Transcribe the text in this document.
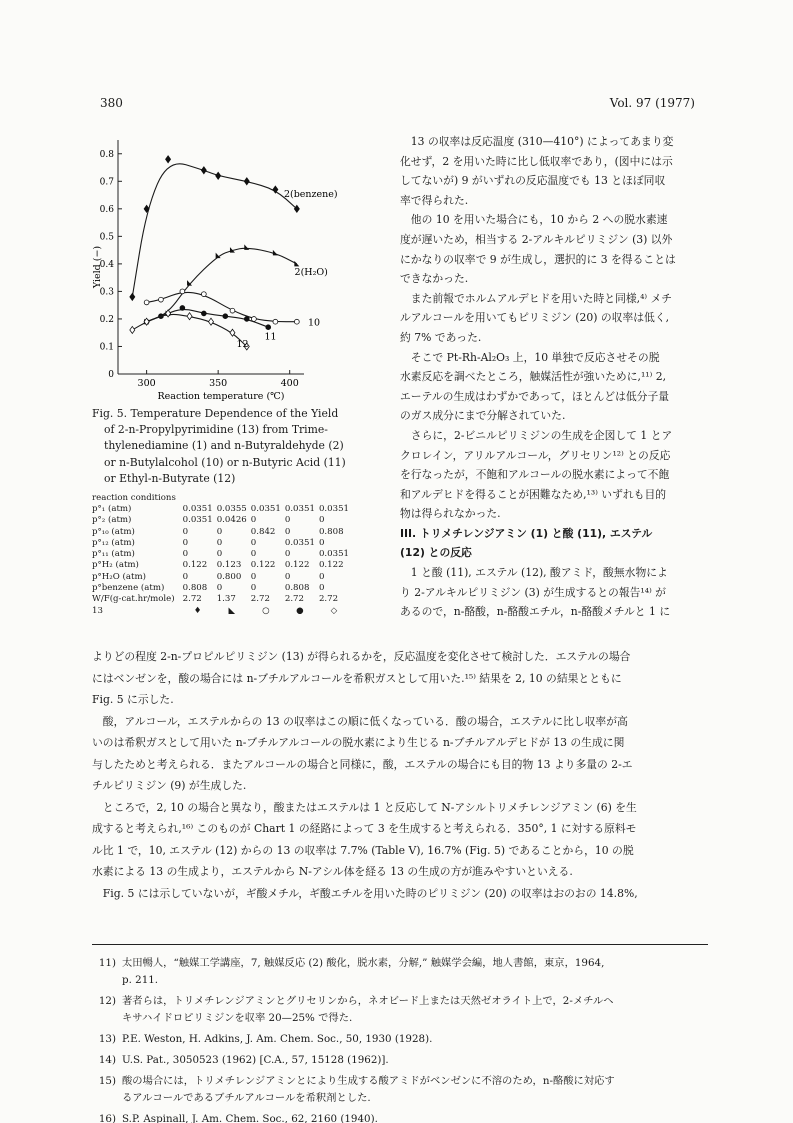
380	Vol. 97 (1977)
0
0.1
0.2
0.3
0.4
0.5
0.6
0.7
0.8
300	350	400
Reaction temperature (℃)
Yield (−)
2(benzene)
2(H₂O)
10
11
12

Fig. 5. Temperature Dependence of the Yield

of 2-n-Propylpyrimidine (13) from Trime-

thylenediamine (1) and n-Butyraldehyde (2)

or n-Butylalcohol (10) or n-Butyric Acid (11)

or Ethyl-n-Butyrate (12)

reaction conditions
p°₁ (atm)	0.0351	0.0355	0.0351	0.0351	0.0351
p°₂ (atm)	0.0351	0.0426	0	0	0
p°₁₀ (atm)	0	0	0.842	0	0.808
p°₁₂ (atm)	0	0	0	0.0351	0
p°₁₁ (atm)	0	0	0	0	0.0351
p°H₂ (atm)	0.122	0.123	0.122	0.122	0.122
p°H₂O (atm)	0	0.800	0	0	0
p°benzene (atm)	0.808	0	0	0.808	0
W/F(g-cat.hr/mole)	2.72	1.37	2.72	2.72	2.72
13	♦	◣	○	●	◇

13 の収率は反応温度 (310—410°) によってあまり変

化せず，2 を用いた時に比し低収率であり，(図中には示

してないが) 9 がいずれの反応温度でも 13 とほぼ同収

率で得られた.

他の 10 を用いた場合にも，10 から 2 への脱水素速

度が遅いため，相当する 2-アルキルピリミジン (3) 以外

にかなりの収率で 9 が生成し，選択的に 3 を得ることは

できなかった.

また前報でホルムアルデヒドを用いた時と同様,⁴⁾ メチ

ルアルコールを用いてもピリミジン (20) の収率は低く,

約 7% であった.

そこで Pt-Rh-Al₂O₃ 上，10 単独で反応させその脱

水素反応を調べたところ，触媒活性が強いために,¹¹⁾ 2,

エーテルの生成はわずかであって，ほとんどは低分子量

のガス成分にまで分解されていた.

さらに，2-ビニルピリミジンの生成を企図して 1 とア

クロレイン，アリルアルコール，グリセリン¹²⁾ との反応

を行なったが，不飽和アルコールの脱水素によって不飽

和アルデヒドを得ることが困難なため,¹³⁾ いずれも目的

物は得られなかった.

III. トリメチレンジアミン (1) と酸 (11), エステル

(12) との反応

1 と酸 (11), エステル (12), 酸アミド，酸無水物によ

り 2-アルキルピリミジン (3) が生成するとの報告¹⁴⁾ が

あるので，n-酪酸，n-酪酸エチル，n-酪酸メチルと 1 に

よりどの程度 2-n-プロピルピリミジン (13) が得られるかを，反応温度を変化させて検討した．エステルの場合

にはベンゼンを，酸の場合には n-ブチルアルコールを希釈ガスとして用いた.¹⁵⁾ 結果を 2, 10 の結果とともに

Fig. 5 に示した.

酸，アルコール，エステルからの 13 の収率はこの順に低くなっている．酸の場合，エステルに比し収率が高

いのは希釈ガスとして用いた n-ブチルアルコールの脱水素により生じる n-ブチルアルデヒドが 13 の生成に関

与したためと考えられる．またアルコールの場合と同様に，酸，エステルの場合にも目的物 13 より多量の 2-エ

チルピリミジン (9) が生成した.

ところで，2, 10 の場合と異なり，酸またはエステルは 1 と反応して N-アシルトリメチレンジアミン (6) を生

成すると考えられ,¹⁶⁾ このものが Chart 1 の経路によって 3 を生成すると考えられる．350°, 1 に対する原料モ

ル比 1 で，10, エステル (12) からの 13 の収率は 7.7% (Table V), 16.7% (Fig. 5) であることから，10 の脱

水素による 13 の生成より，エステルから N-アシル体を経る 13 の生成の方が進みやすいといえる.

Fig. 5 には示していないが，ギ酸メチル，ギ酸エチルを用いた時のピリミジン (20) の収率はおのおの 14.8%,

11) 太田暢人，“触媒工学講座，7, 触媒反応 (2) 酸化，脱水素，分解,” 触媒学会編，地人書館，東京，1964,
p. 211.
12) 著者らは，トリメチレンジアミンとグリセリンから，ネオビード上または天然ゼオライト上で，2-メチルヘ
キサハイドロピリミジンを収率 20—25% で得た.
13) P.E. Weston, H. Adkins, J. Am. Chem. Soc., 50, 1930 (1928).
14) U.S. Pat., 3050523 (1962) [C.A., 57, 15128 (1962)].
15) 酸の場合には，トリメチレンジアミンとにより生成する酸アミドがベンゼンに不溶のため，n-酪酸に対応す
るアルコールであるブチルアルコールを希釈剤とした.
16) S.P. Aspinall, J. Am. Chem. Soc., 62, 2160 (1940).
